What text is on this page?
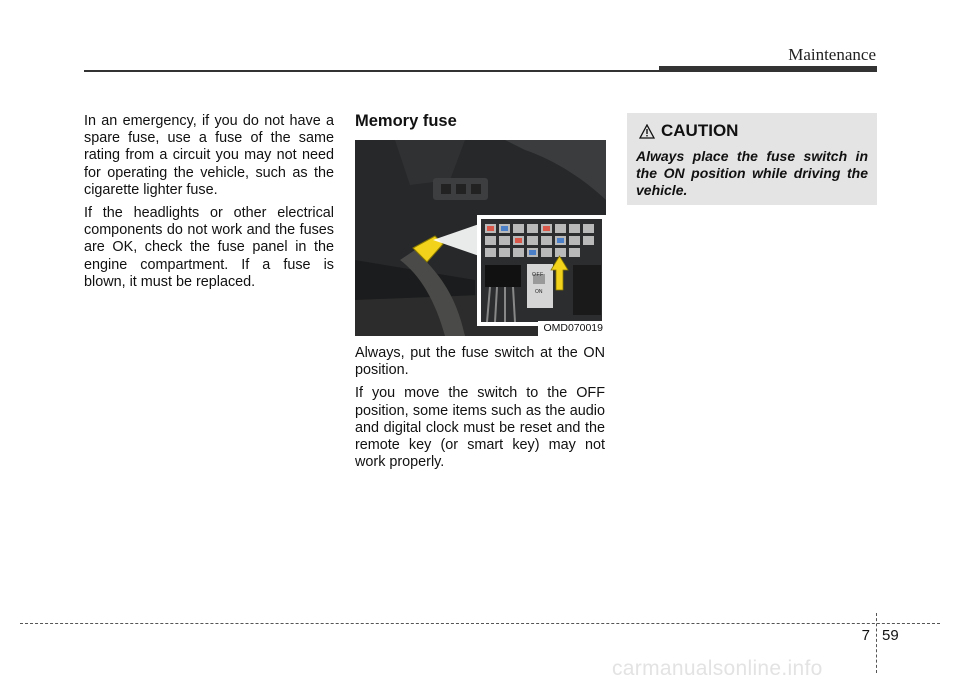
Maintenance

In an emergency, if you do not have a spare fuse, use a fuse of the same rating from a circuit you may not need for operating the vehicle, such as the cigarette lighter fuse.

If the headlights or other electrical components do not work and the fuses are OK, check the fuse panel in the engine compartment. If a fuse is blown, it must be replaced.

Memory fuse
OFF
ON
OMD070019

Always, put the fuse switch at the ON position.

If you move the switch to the OFF position, some items such as the audio and digital clock must be reset and the remote key (or smart key) may not work properly.

CAUTION
Always place the fuse switch in the ON position while driving the vehicle.
7 59
carmanualsonline.info
